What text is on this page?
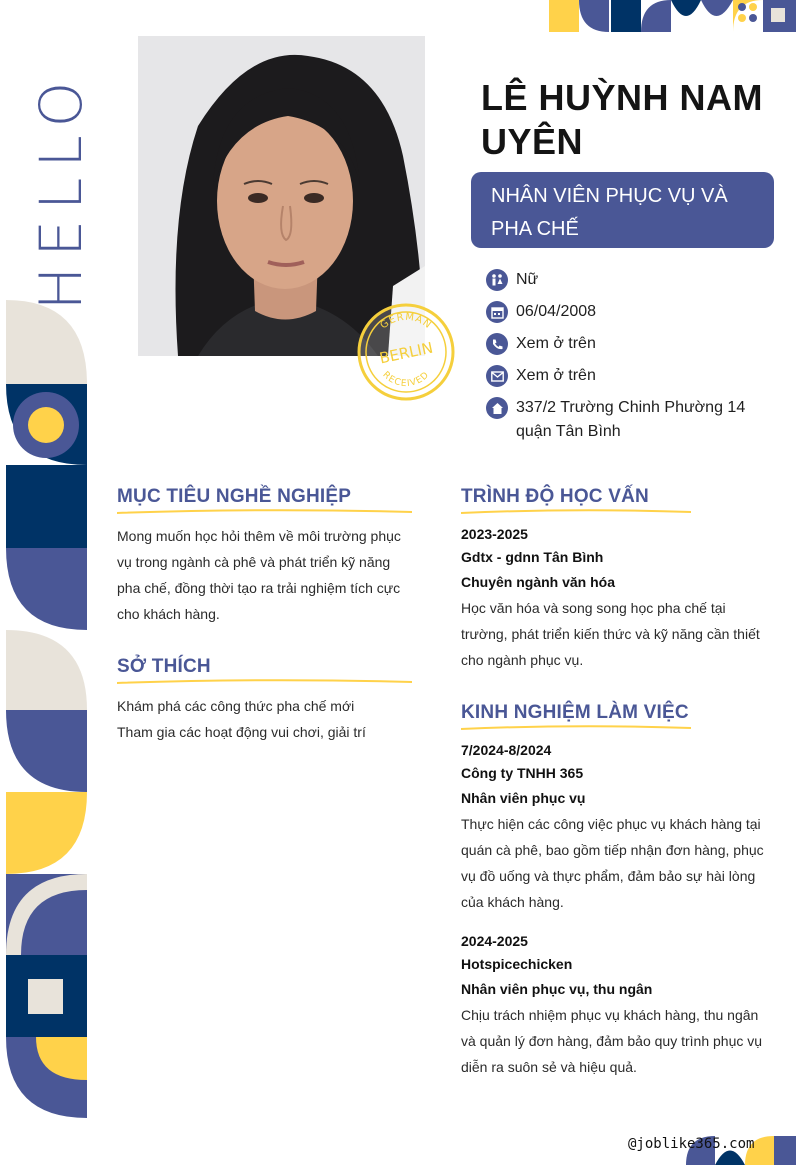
HELLO
GERMAN
BERLIN
RECEIVED
LÊ HUỲNH NAM
UYÊN
NHÂN VIÊN PHỤC VỤ VÀ
PHA CHẾ
Nữ
06/04/2008
Xem ở trên
Xem ở trên
337/2 Trường Chinh Phường 14
quận Tân Bình
MỤC TIÊU NGHỀ NGHIỆP
Mong muốn học hỏi thêm về môi trường phục
vụ trong ngành cà phê và phát triển kỹ năng
pha chế, đồng thời tạo ra trải nghiệm tích cực
cho khách hàng.
SỞ THÍCH
Khám phá các công thức pha chế mới
Tham gia các hoạt động vui chơi, giải trí
TRÌNH ĐỘ HỌC VẤN
2023-2025
Gdtx - gdnn Tân Bình
Chuyên ngành văn hóa
Học văn hóa và song song học pha chế tại
trường, phát triển kiến thức và kỹ năng cần thiết
cho ngành phục vụ.
KINH NGHIỆM LÀM VIỆC
7/2024-8/2024
Công ty TNHH 365
Nhân viên phục vụ
Thực hiện các công việc phục vụ khách hàng tại
quán cà phê, bao gồm tiếp nhận đơn hàng, phục
vụ đồ uống và thực phẩm, đảm bảo sự hài lòng
của khách hàng.
2024-2025
Hotspicechicken
Nhân viên phục vụ, thu ngân
Chịu trách nhiệm phục vụ khách hàng, thu ngân
và quản lý đơn hàng, đảm bảo quy trình phục vụ
diễn ra suôn sẻ và hiệu quả.
@joblike365.com
